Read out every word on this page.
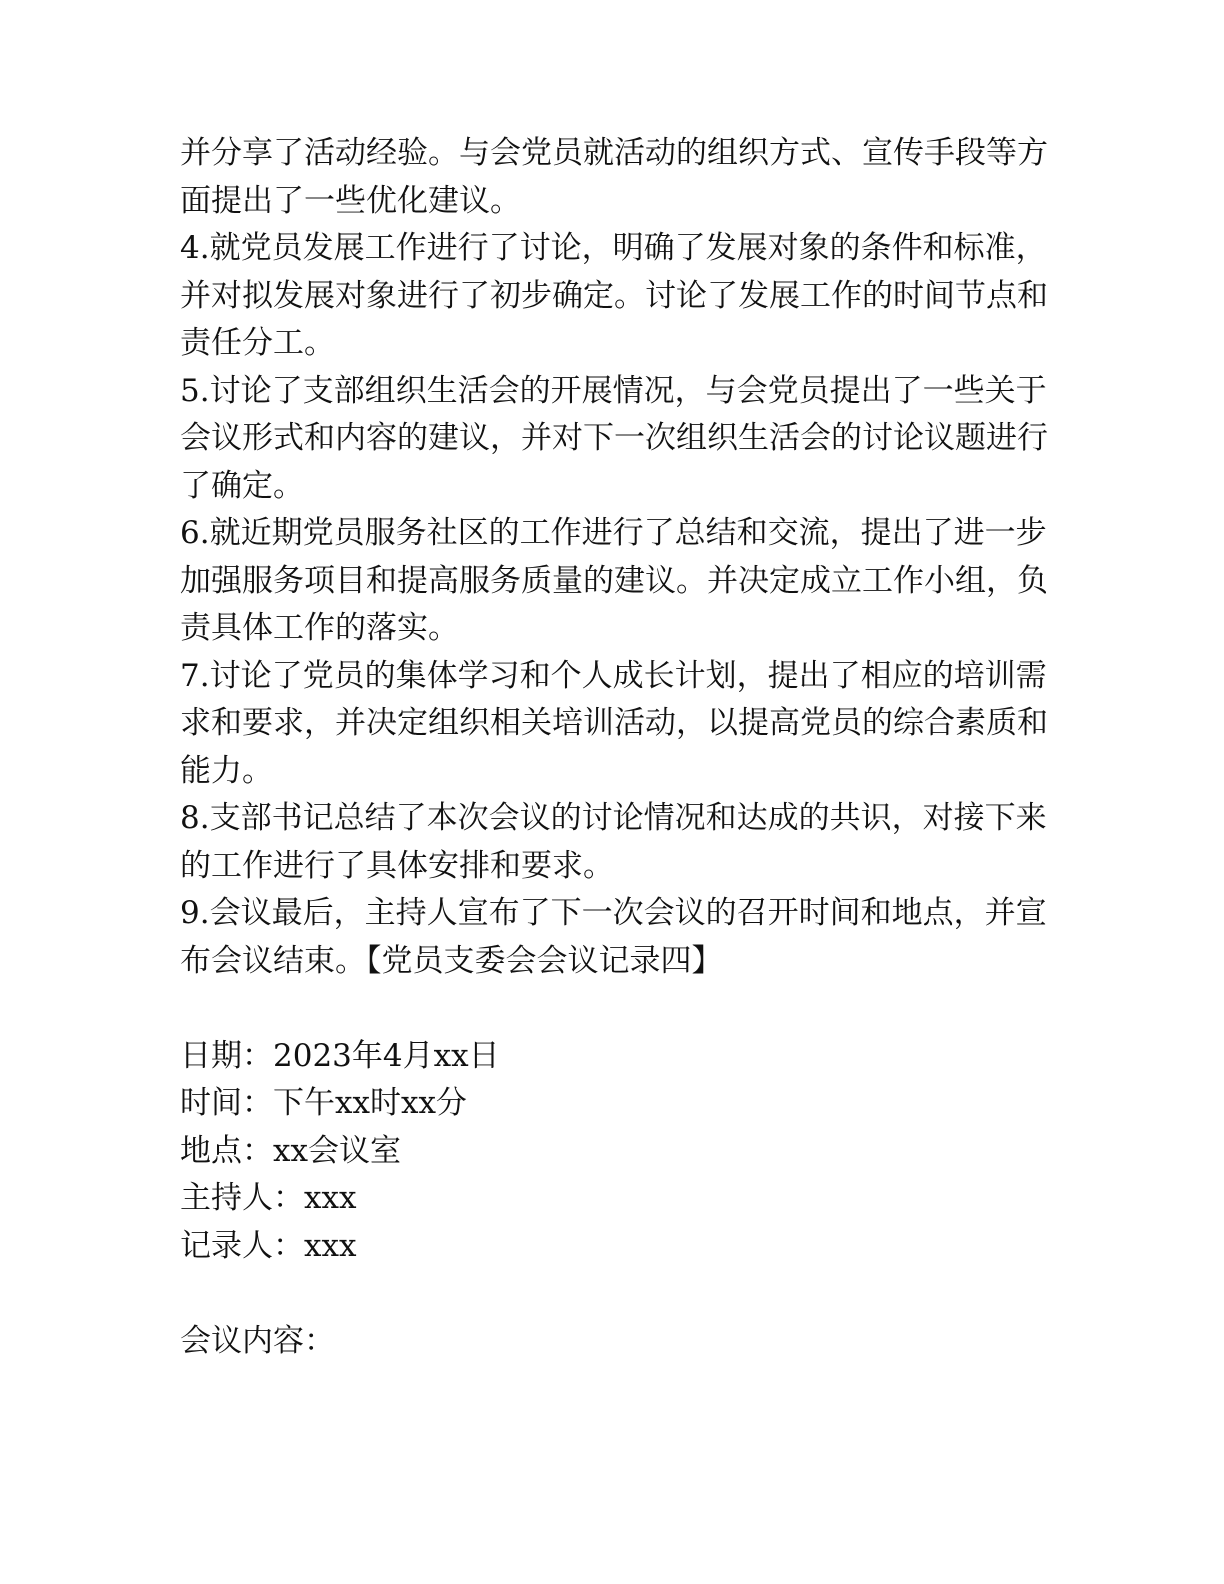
并分享了活动经验。与会党员就活动的组织方式、宣传手段等方面提出了一些优化建议。

4.就党员发展工作进行了讨论，明确了发展对象的条件和标准，并对拟发展对象进行了初步确定。讨论了发展工作的时间节点和责任分工。

5.讨论了支部组织生活会的开展情况，与会党员提出了一些关于会议形式和内容的建议，并对下一次组织生活会的讨论议题进行了确定。

6.就近期党员服务社区的工作进行了总结和交流，提出了进一步加强服务项目和提高服务质量的建议。并决定成立工作小组，负责具体工作的落实。

7.讨论了党员的集体学习和个人成长计划，提出了相应的培训需求和要求，并决定组织相关培训活动，以提高党员的综合素质和能力。

8.支部书记总结了本次会议的讨论情况和达成的共识，对接下来的工作进行了具体安排和要求。

9.会议最后，主持人宣布了下一次会议的召开时间和地点，并宣布会议结束。【党员支委会会议记录四】

日期：2023年4月xx日

时间：下午xx时xx分

地点：xx会议室

主持人：xxx

记录人：xxx

会议内容：
